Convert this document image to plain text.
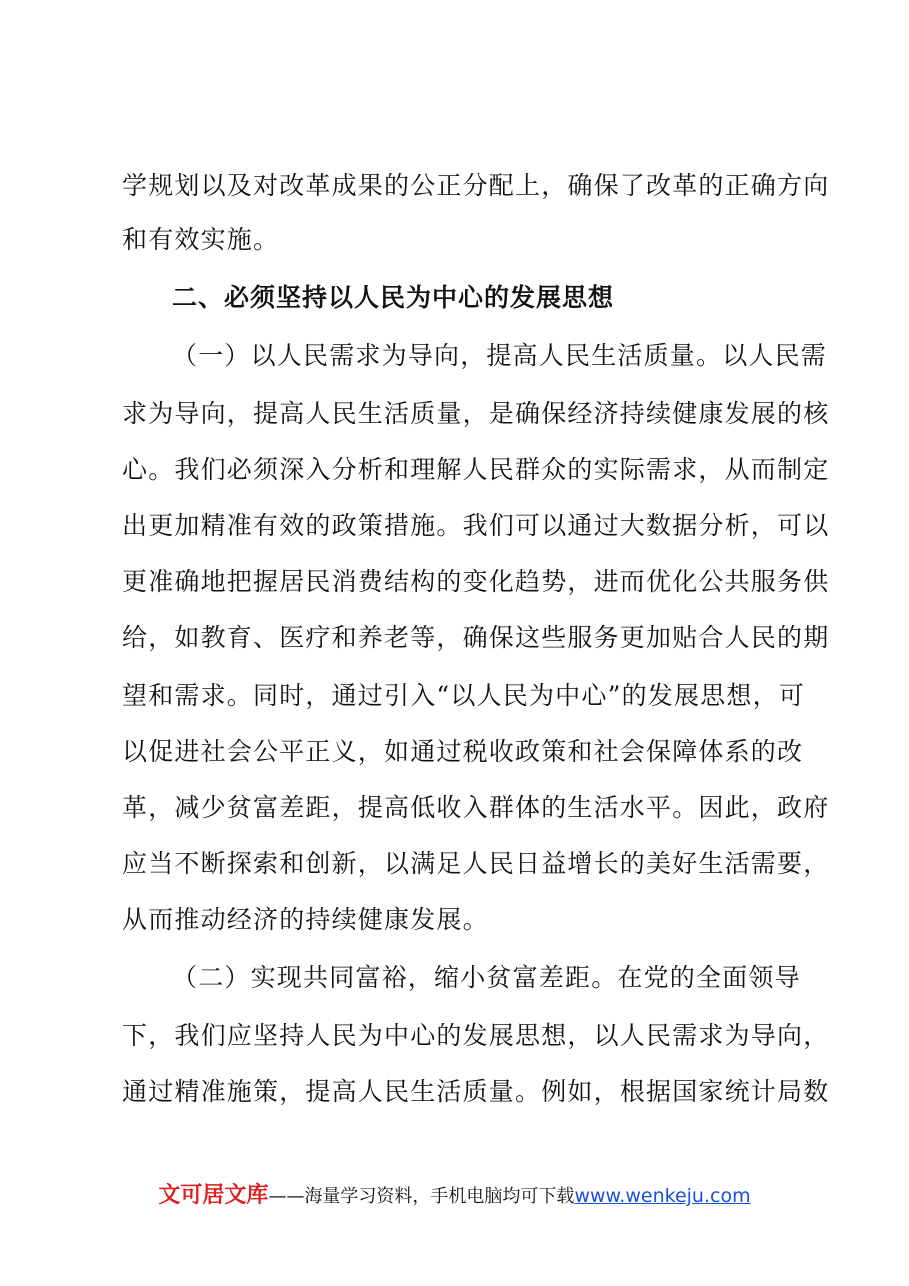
学规划以及对改革成果的公正分配上，确保了改革的正确方向
和有效实施。
二、必须坚持以人民为中心的发展思想
（一）以人民需求为导向，提高人民生活质量。以人民需
求为导向，提高人民生活质量，是确保经济持续健康发展的核
心。我们必须深入分析和理解人民群众的实际需求，从而制定
出更加精准有效的政策措施。我们可以通过大数据分析，可以
更准确地把握居民消费结构的变化趋势，进而优化公共服务供
给，如教育、医疗和养老等，确保这些服务更加贴合人民的期
望和需求。同时，通过引入“以人民为中心”的发展思想，可
以促进社会公平正义，如通过税收政策和社会保障体系的改
革，减少贫富差距，提高低收入群体的生活水平。因此，政府
应当不断探索和创新，以满足人民日益增长的美好生活需要，
从而推动经济的持续健康发展。
（二）实现共同富裕，缩小贫富差距。在党的全面领导
下，我们应坚持人民为中心的发展思想，以人民需求为导向，
通过精准施策，提高人民生活质量。例如，根据国家统计局数
文可居文库——海量学习资料，手机电脑均可下载www.wenkeju.com
